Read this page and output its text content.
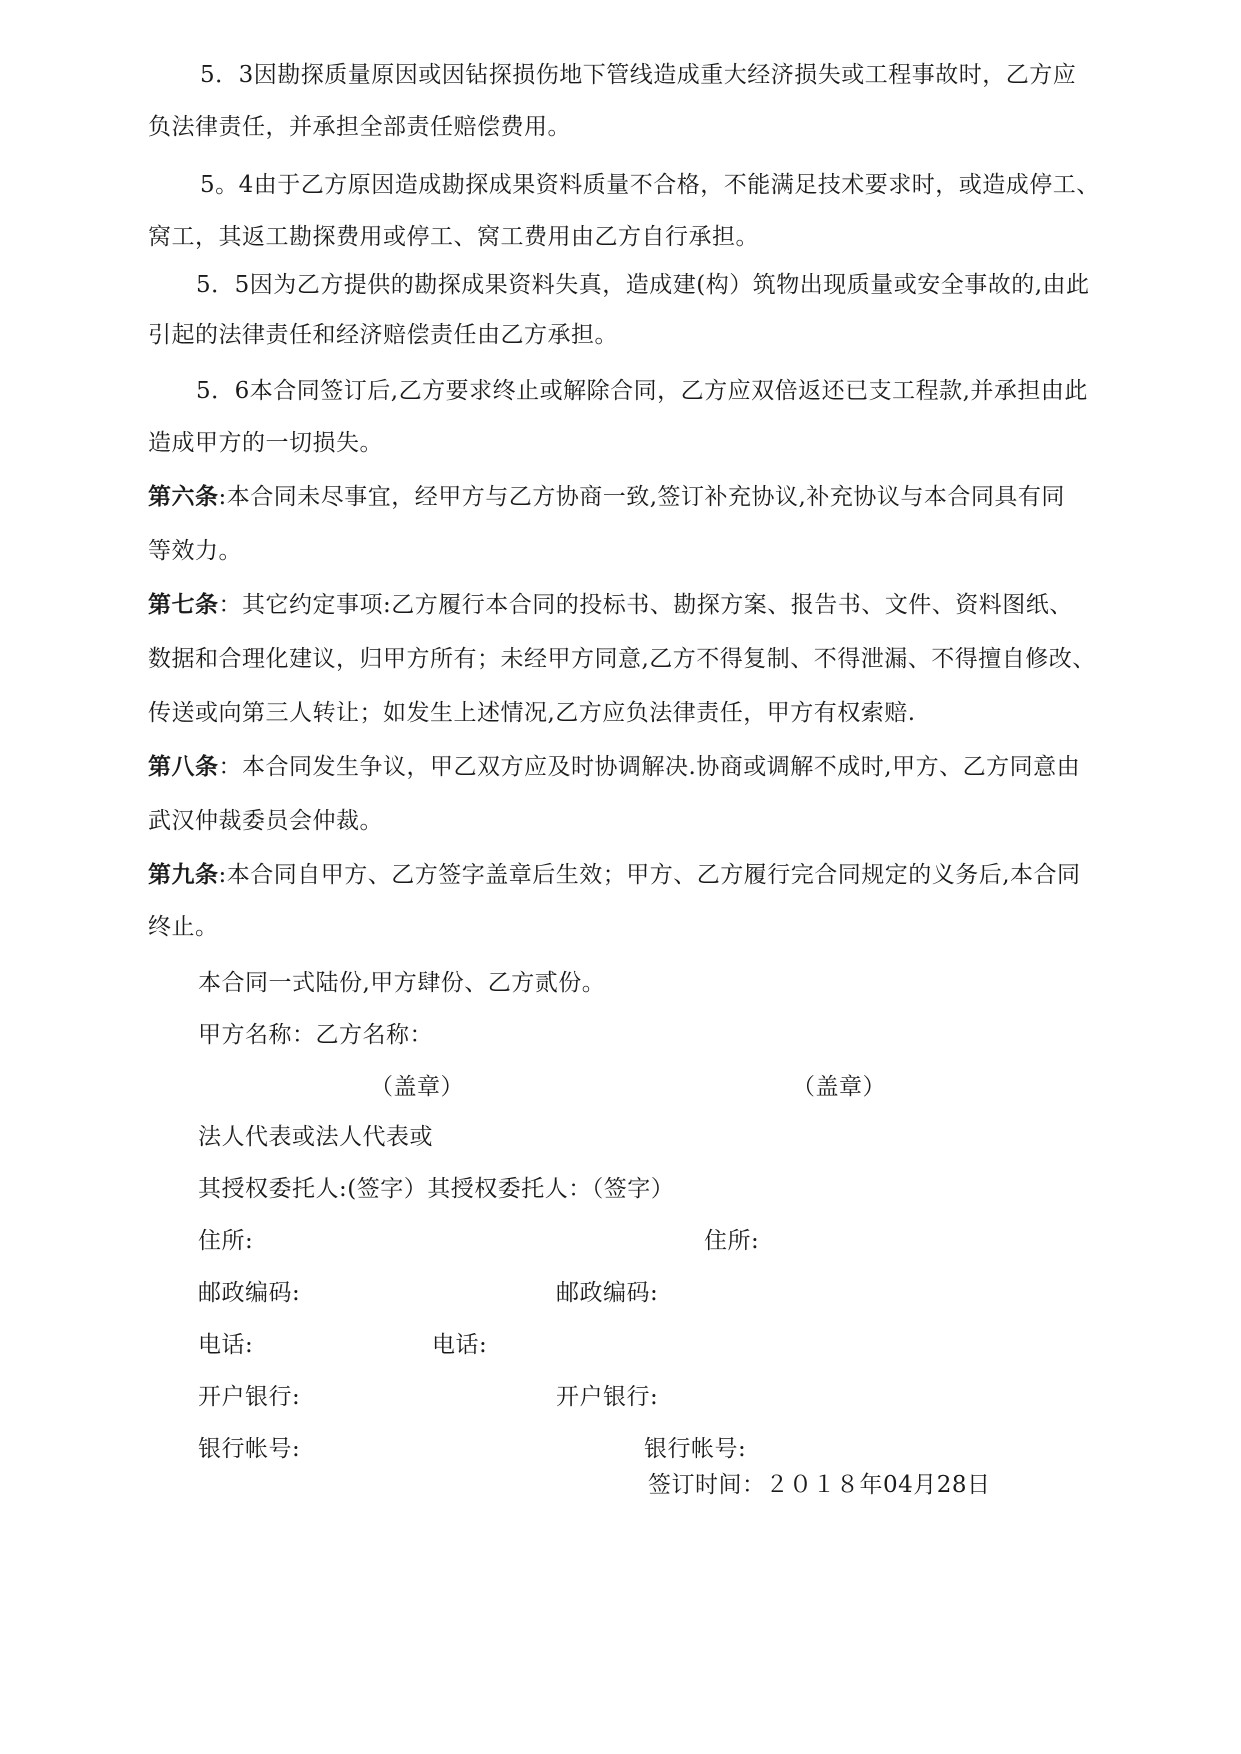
5．3因勘探质量原因或因钻探损伤地下管线造成重大经济损失或工程事故时，乙方应
负法律责任，并承担全部责任赔偿费用。
5。4由于乙方原因造成勘探成果资料质量不合格，不能满足技术要求时，或造成停工、
窝工，其返工勘探费用或停工、窝工费用由乙方自行承担。
5．5因为乙方提供的勘探成果资料失真，造成建(构）筑物出现质量或安全事故的,由此
引起的法律责任和经济赔偿责任由乙方承担。
5．6本合同签订后,乙方要求终止或解除合同，乙方应双倍返还已支工程款,并承担由此
造成甲方的一切损失。
第六条:本合同未尽事宜，经甲方与乙方协商一致,签订补充协议,补充协议与本合同具有同
等效力。
第七条：其它约定事项:乙方履行本合同的投标书、勘探方案、报告书、文件、资料图纸、
数据和合理化建议，归甲方所有；未经甲方同意,乙方不得复制、不得泄漏、不得擅自修改、
传送或向第三人转让；如发生上述情况,乙方应负法律责任，甲方有权索赔.
第八条：本合同发生争议，甲乙双方应及时协调解决.协商或调解不成时,甲方、乙方同意由
武汉仲裁委员会仲裁。
第九条:本合同自甲方、乙方签字盖章后生效；甲方、乙方履行完合同规定的义务后,本合同
终止。
本合同一式陆份,甲方肆份、乙方贰份。
甲方名称：乙方名称：
（盖章）	（盖章）
法人代表或法人代表或
其授权委托人:(签字）其授权委托人：（签字）
住所:	住所:
邮政编码:	邮政编码:
电话:	电话:
开户银行:	开户银行:
银行帐号:	银行帐号:
签订时间：２０１８年04月28日
